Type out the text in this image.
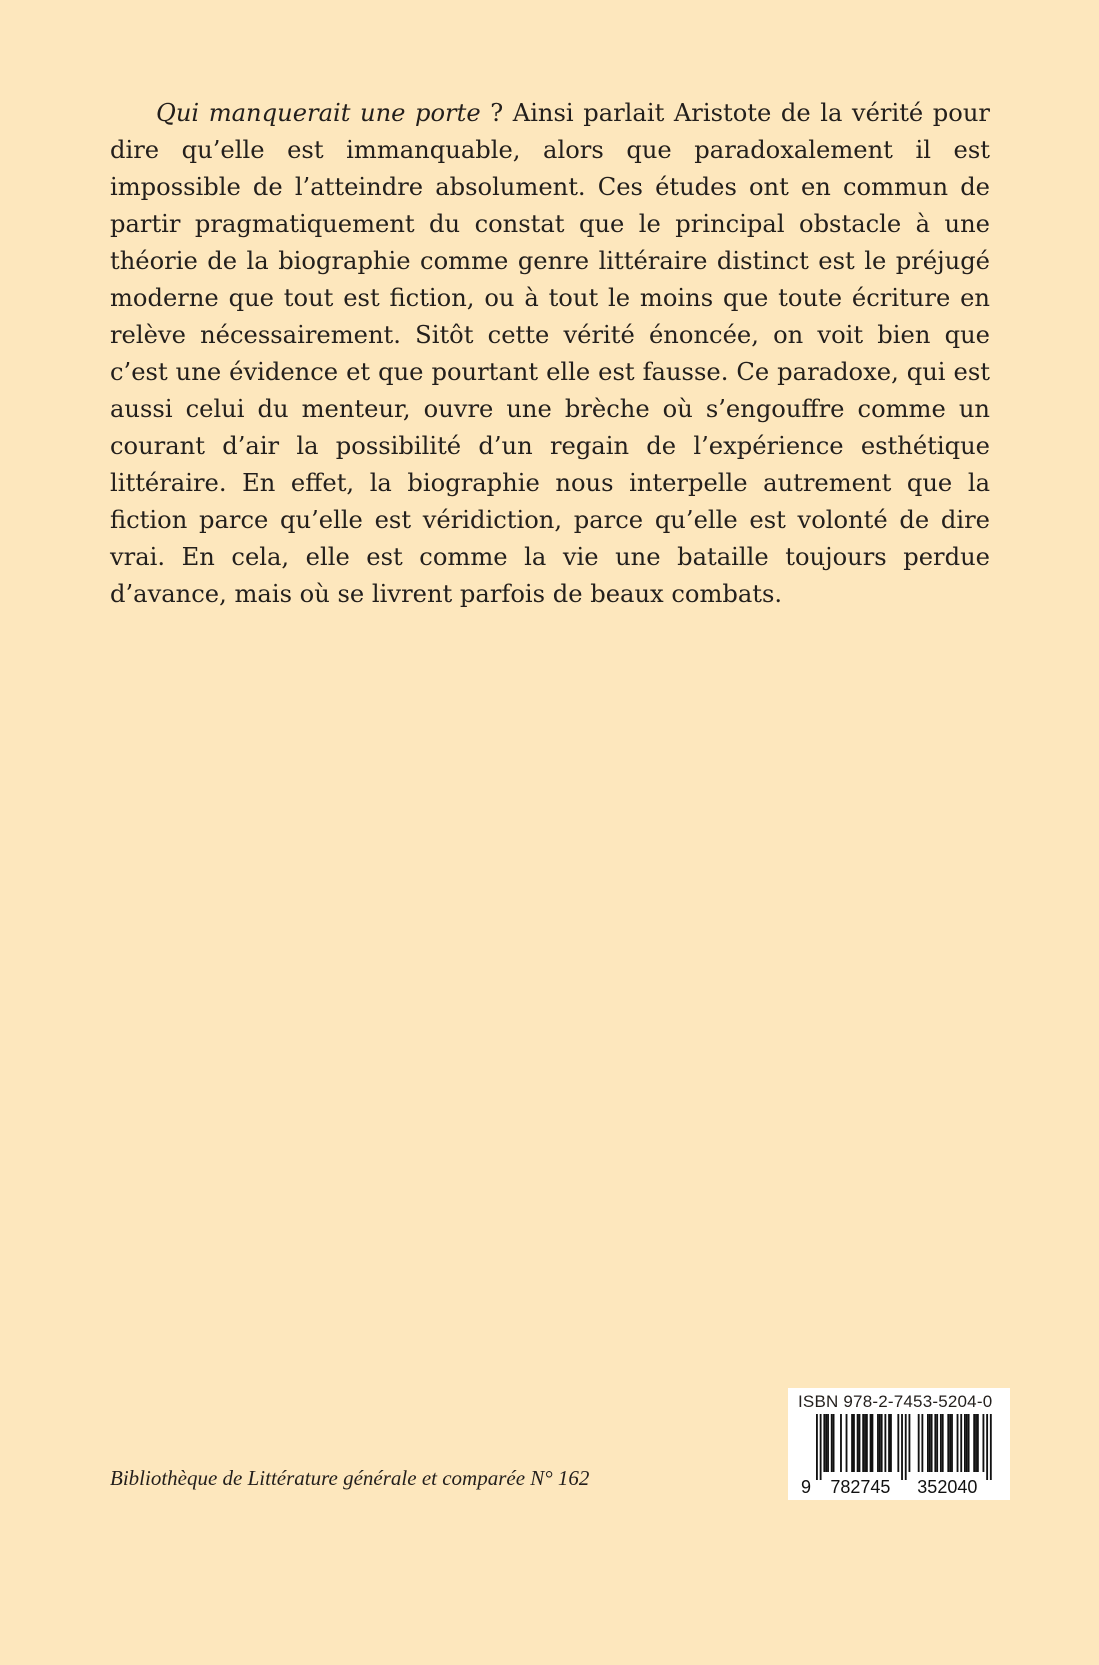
Qui manquerait une porte ? Ainsi parlait Aristote de la vérité pour dire qu’elle est immanquable, alors que paradoxalement il est impossible de l’atteindre absolument. Ces études ont en commun de partir pragmatiquement du constat que le principal obstacle à une théorie de la biographie comme genre littéraire distinct est le préjugé moderne que tout est fiction, ou à tout le moins que toute écriture en relève nécessairement. Sitôt cette vérité énoncée, on voit bien que c’est une évidence et que pourtant elle est fausse. Ce paradoxe, qui est aussi celui du menteur, ouvre une brèche où s’engouffre comme un courant d’air la possibilité d’un regain de l’expérience esthétique littéraire. En effet, la biographie nous interpelle autrement que la fiction parce qu’elle est véridiction, parce qu’elle est volonté de dire vrai. En cela, elle est comme la vie une bataille toujours perdue d’avance, mais où se livrent parfois de beaux combats.

Bibliothèque de Littérature générale et comparée N° 162
ISBN 978-2-7453-5204-0
9 782745 352040
